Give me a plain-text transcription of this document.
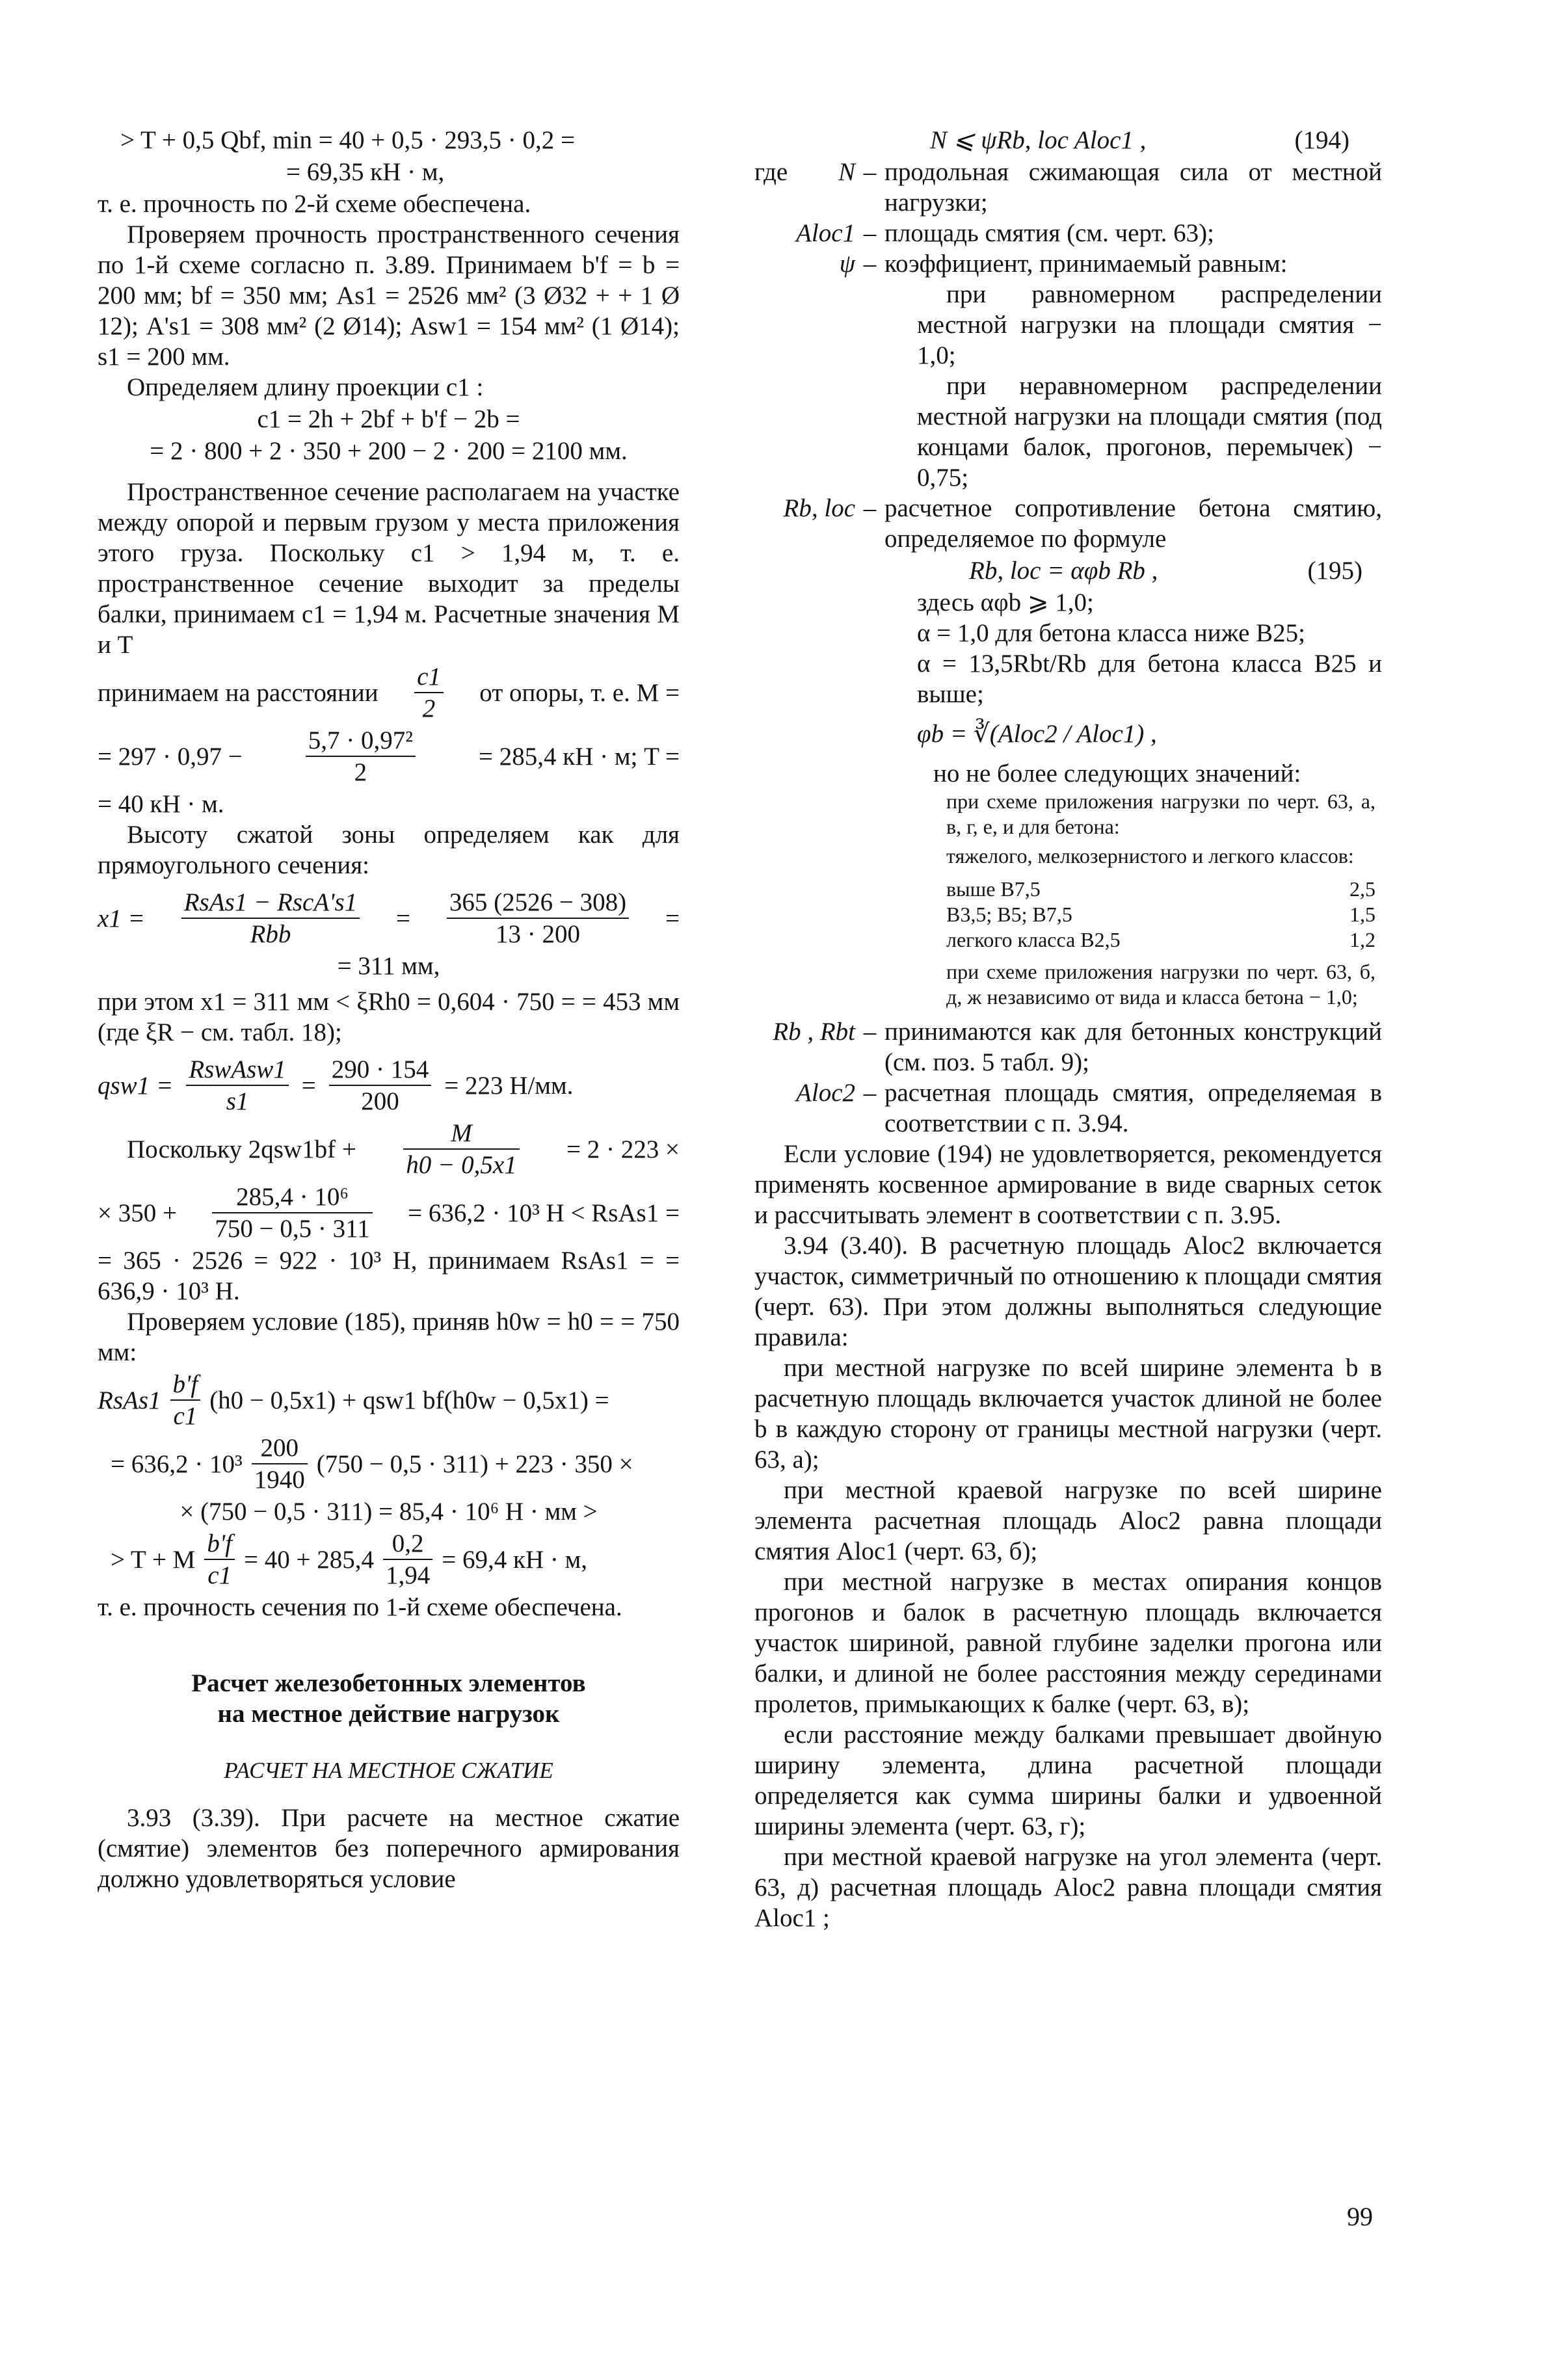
> T + 0,5 Qbf, min = 40 + 0,5 · 293,5 · 0,2 =

= 69,35 кН · м,

т. е. прочность по 2-й схеме обеспечена.

Проверяем прочность пространственного сечения по 1-й схеме согласно п. 3.89. Принимаем b'f = b = 200 мм; bf = 350 мм; As1 = 2526 мм² (3 Ø32 + + 1 Ø 12); A's1 = 308 мм² (2 Ø14); Asw1 = 154 мм² (1 Ø14); s1 = 200 мм.

Определяем длину проекции c1 :

c1 = 2h + 2bf + b'f − 2b =

= 2 · 800 + 2 · 350 + 200 − 2 · 200 = 2100 мм.

Пространственное сечение располагаем на участке между опорой и первым грузом у места приложения этого груза. Поскольку c1 > 1,94 м, т. е. пространственное сечение выходит за пределы балки, принимаем c1 = 1,94 м. Расчетные значения M и T

принимаем на расстоянии
c1
2
от опоры, т. е. M =
= $297 \cdot 0,97 - \frac{\text{5,7 · 0,97²}}{2} = 285,4$ кН · м; T =

= 40 кН · м.

Высоту сжатой зоны определяем как для прямоугольного сечения:

x1 =
RsAs1 − RscA's1
Rbb
= $\frac{365 (2526 - 308)}{13 \cdot 200}$ =

= 311 мм,

при этом x1 = 311 мм < ξRh0 = 0,604 · 750 = = 453 мм (где ξR − см. табл. 18);

qsw1 =
RswAsw1
s1
= $\frac{290 \cdot 154}{200} = 223$ Н/мм.
Поскольку $2qsw1bf + \frac{M}{h0 - 0,5x1} = 2 \cdot 223$ ×
× $350 + \frac{\text{285,4 · 10⁶}}{750 - 0,5 \cdot 311} = 636,2 \cdot 10^3$ Н < RsAs1 =

= 365 · 2526 = 922 · 10³ Н, принимаем RsAs1 = = 636,9 · 10³ Н.

Проверяем условие (185), приняв h0w = h0 = = 750 мм:

RsAs1
b'f
c1
(h0 − 0,5x1) + qsw1 bf(h0w − 0,5x1) =
= 636,2 · 10³
200
1940
(750 − 0,5 · 311) + 223 · 350 ×

× (750 − 0,5 · 311) = 85,4 · 10⁶ Н · мм >

> T + M $\frac{b'f}{c1} = 40 + 285,4 \frac{0,2}{1,94} = 69,4$ кН · м,

т. е. прочность сечения по 1-й схеме обеспечена.

Расчет железобетонных элементов

на местное действие нагрузок

РАСЧЕТ НА МЕСТНОЕ СЖАТИЕ

3.93 (3.39). При расчете на местное сжатие (смятие) элементов без поперечного армирования должно удовлетворяться условие

N ⩽ ψRb, loc Aloc1 ,	(194)
где	N – продольная сжимающая сила от местной нагрузки;
Aloc1 – площадь смятия (см. черт. 63);
ψ – коэффициент, принимаемый равным:

при равномерном распределении местной нагрузки на площади смятия − 1,0;

при неравномерном распределении местной нагрузки на площади смятия (под концами балок, прогонов, перемычек) − 0,75;

Rb, loc – расчетное сопротивление бетона смятию, определяемое по формуле
Rb, loc = αφb Rb ,	(195)

здесь αφb ⩾ 1,0;

α = 1,0 для бетона класса ниже В25;

α = 13,5Rbt/Rb для бетона класса В25 и выше;

φb = ∛(Aloc2 / Aloc1) ,

но не более следующих значений:

при схеме приложения нагрузки по черт. 63, а, в, г, е, и для бетона:

тяжелого, мелкозернистого и легкого классов:

выше В7,5	2,5
В3,5; В5; В7,5	1,5
легкого класса В2,5	1,2

при схеме приложения нагрузки по черт. 63, б, д, ж независимо от вида и класса бетона − 1,0;

Rb , Rbt – принимаются как для бетонных конструкций (см. поз. 5 табл. 9);
Aloc2 – расчетная площадь смятия, определяемая в соответствии с п. 3.94.

Если условие (194) не удовлетворяется, рекомендуется применять косвенное армирование в виде сварных сеток и рассчитывать элемент в соответствии с п. 3.95.

3.94 (3.40). В расчетную площадь Aloc2 включается участок, симметричный по отношению к площади смятия (черт. 63). При этом должны выполняться следующие правила:

при местной нагрузке по всей ширине элемента b в расчетную площадь включается участок длиной не более b в каждую сторону от границы местной нагрузки (черт. 63, а);

при местной краевой нагрузке по всей ширине элемента расчетная площадь Aloc2 равна площади смятия Aloc1 (черт. 63, б);

при местной нагрузке в местах опирания концов прогонов и балок в расчетную площадь включается участок шириной, равной глубине заделки прогона или балки, и длиной не более расстояния между серединами пролетов, примыкающих к балке (черт. 63, в);

если расстояние между балками превышает двойную ширину элемента, длина расчетной площади определяется как сумма ширины балки и удвоенной ширины элемента (черт. 63, г);

при местной краевой нагрузке на угол элемента (черт. 63, д) расчетная площадь Aloc2 равна площади смятия Aloc1 ;

99
